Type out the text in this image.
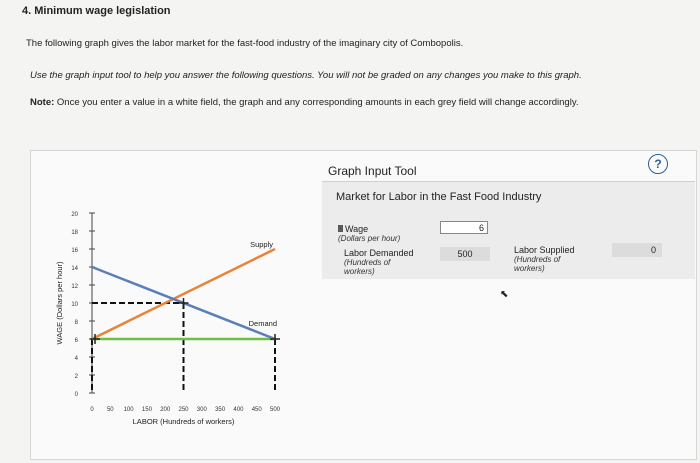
4. Minimum wage legislation
The following graph gives the labor market for the fast-food industry of the imaginary city of Combopolis.
Use the graph input tool to help you answer the following questions. You will not be graded on any changes you make to this graph.
Note: Once you enter a value in a white field, the graph and any corresponding amounts in each grey field will change accordingly.
0
2
4
6
8
10
12
14
16
18
20
0 50 100 150 200 250 300 350 400 450 500
LABOR (Hundreds of workers)
WAGE (Dollars per hour)
Supply
Demand
Graph Input Tool	?
Market for Labor in the Fast Food Industry
Wage
(Dollars per hour)
6
Labor Demanded
(Hundreds of workers)
500	Labor Supplied
(Hundreds of workers)
0
⬉
